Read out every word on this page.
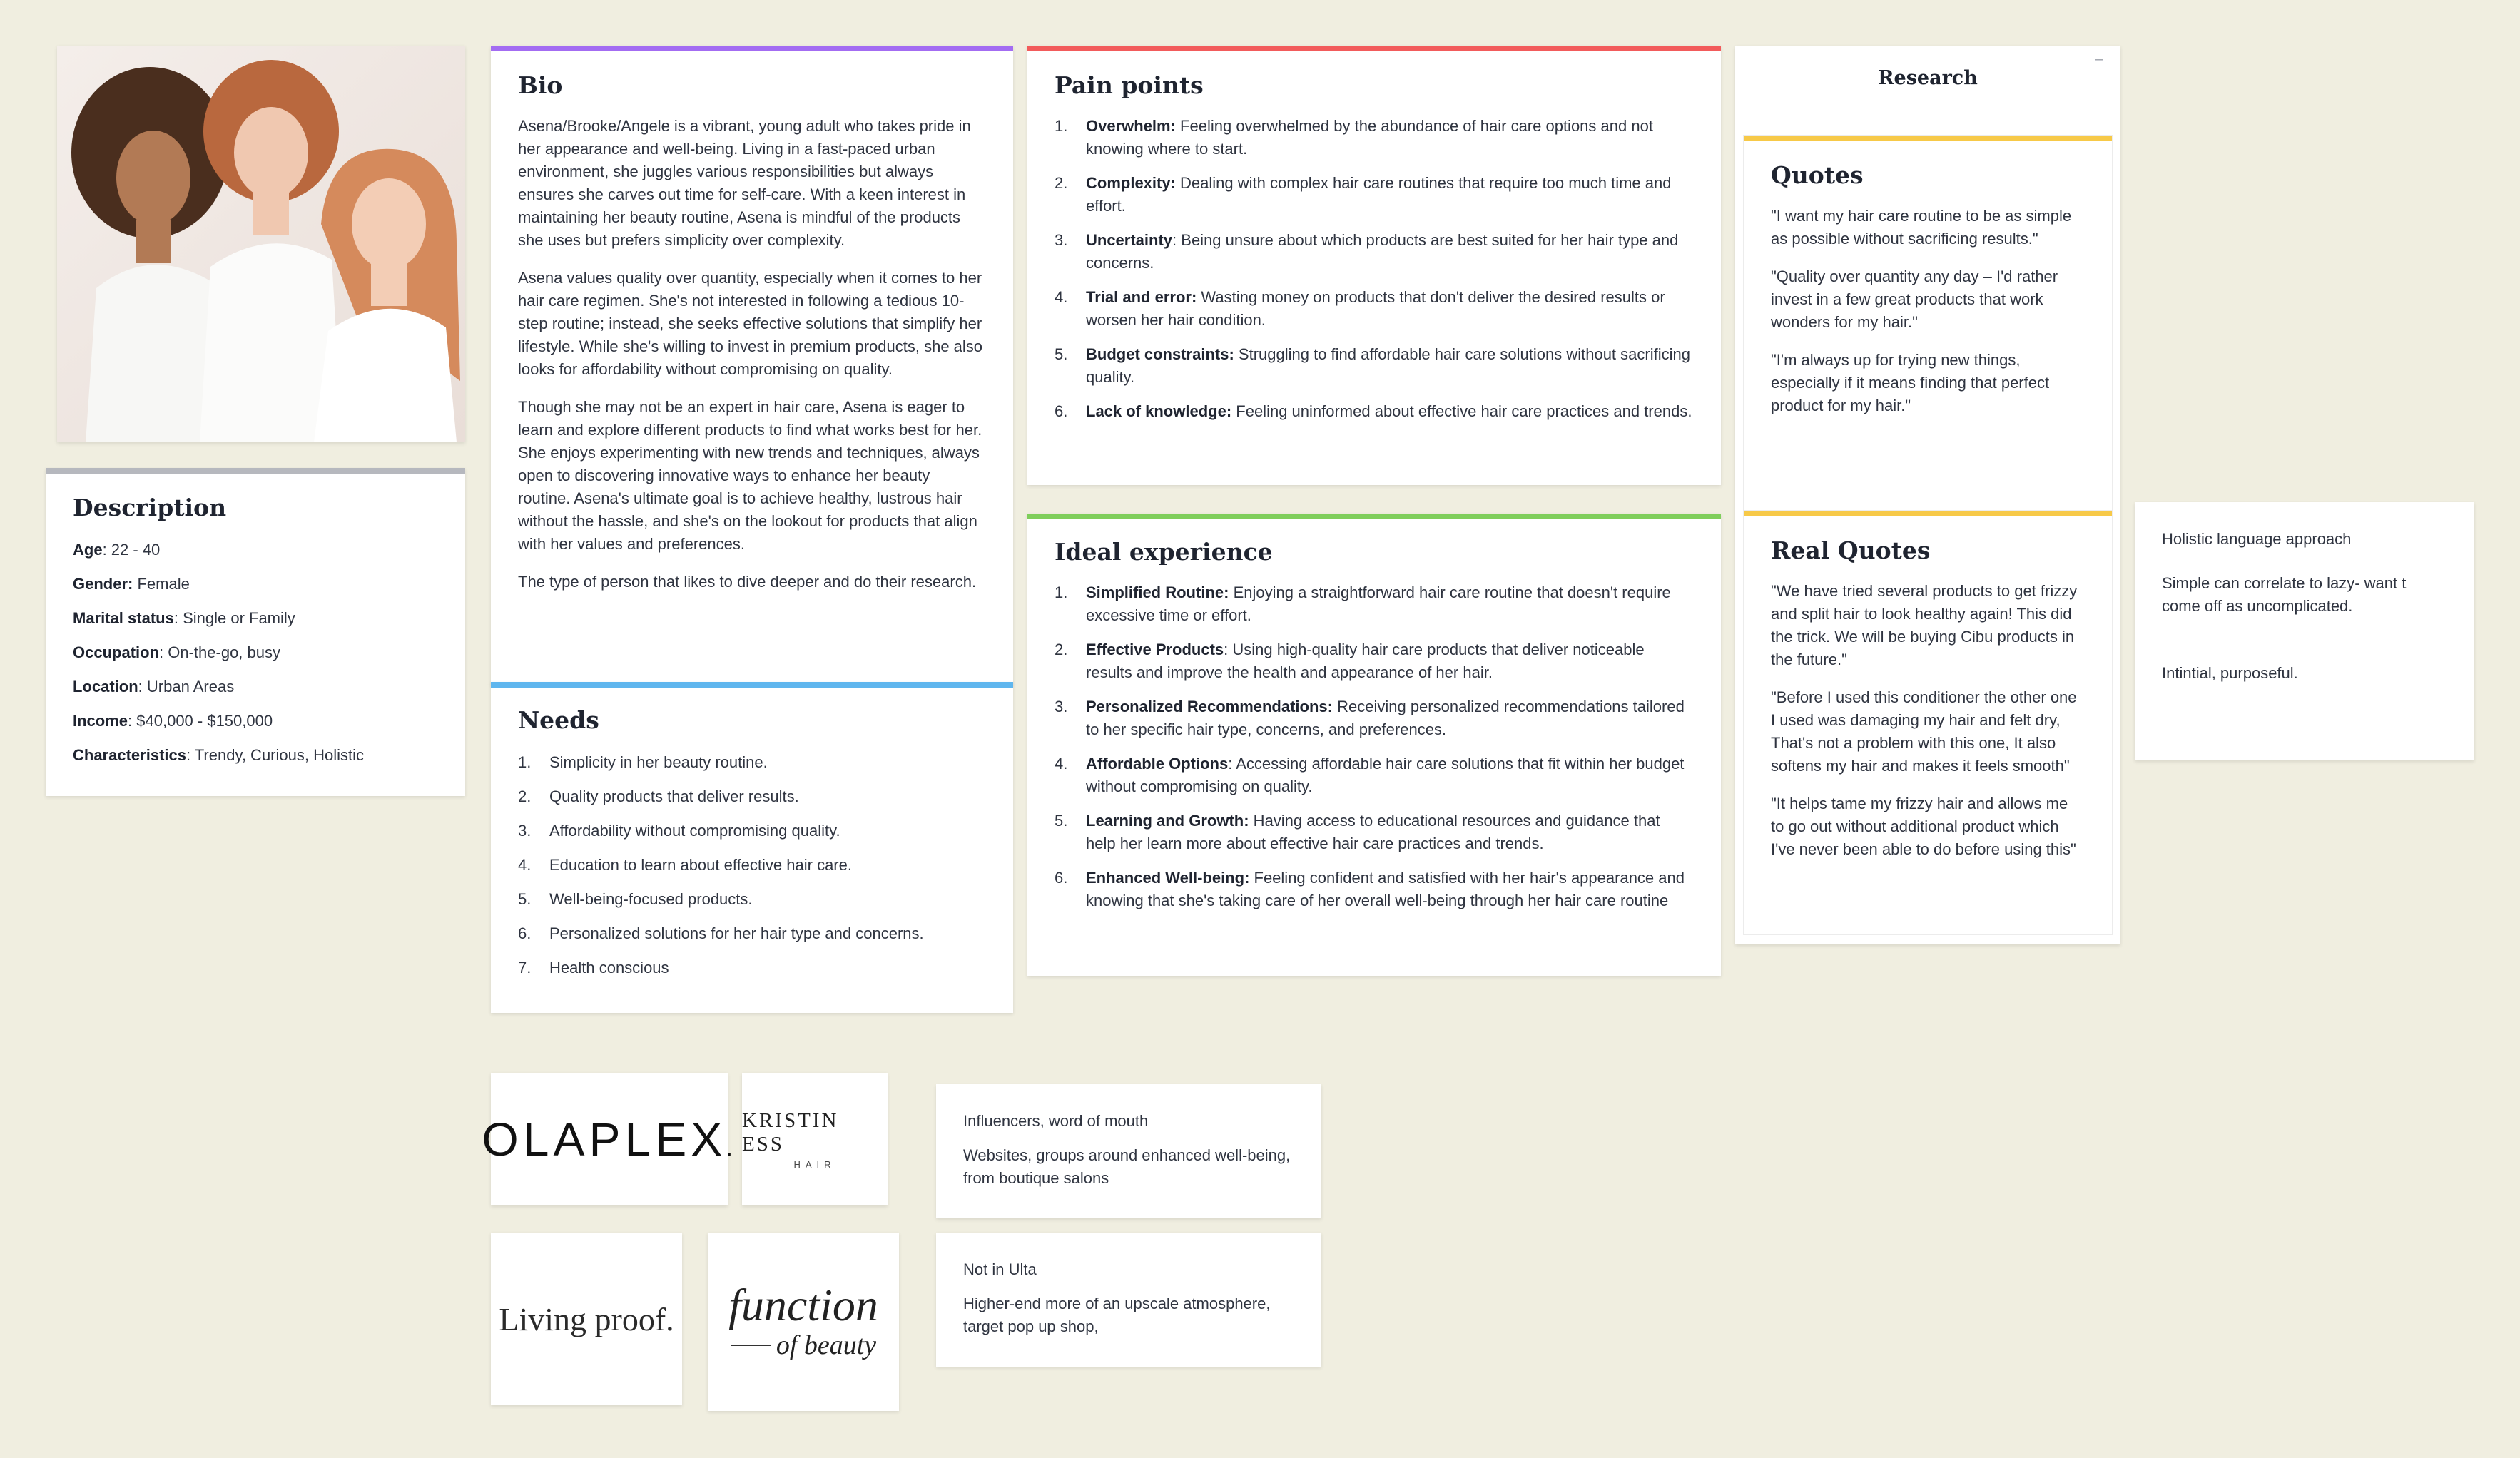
Description
Age: 22 - 40
Gender: Female
Marital status: Single or Family
Occupation: On-the-go, busy
Location: Urban Areas
Income: $40,000 - $150,000
Characteristics: Trendy, Curious, Holistic
Bio

Asena/Brooke/Angele is a vibrant, young adult who takes pride in her appearance and well-being. Living in a fast-paced urban environment, she juggles various responsibilities but always ensures she carves out time for self-care. With a keen interest in maintaining her beauty routine, Asena is mindful of the products she uses but prefers simplicity over complexity.

Asena values quality over quantity, especially when it comes to her hair care regimen. She's not interested in following a tedious 10-step routine; instead, she seeks effective solutions that simplify her lifestyle. While she's willing to invest in premium products, she also looks for affordability without compromising on quality.

Though she may not be an expert in hair care, Asena is eager to learn and explore different products to find what works best for her. She enjoys experimenting with new trends and techniques, always open to discovering innovative ways to enhance her beauty routine. Asena's ultimate goal is to achieve healthy, lustrous hair without the hassle, and she's on the lookout for products that align with her values and preferences.

The type of person that likes to dive deeper and do their research.

Needs
1.	Simplicity in her beauty routine.
2.	Quality products that deliver results.
3.	Affordability without compromising quality.
4.	Education to learn about effective hair care.
5.	Well-being-focused products.
6.	Personalized solutions for her hair type and concerns.
7.	Health conscious
Pain points
1.	Overwhelm: Feeling overwhelmed by the abundance of hair care options and not knowing where to start.
2.	Complexity: Dealing with complex hair care routines that require too much time and effort.
3.	Uncertainty: Being unsure about which products are best suited for her hair type and concerns.
4.	Trial and error: Wasting money on products that don't deliver the desired results or worsen her hair condition.
5.	Budget constraints: Struggling to find affordable hair care solutions without sacrificing quality.
6.	Lack of knowledge: Feeling uninformed about effective hair care practices and trends.
Ideal experience
1.	Simplified Routine: Enjoying a straightforward hair care routine that doesn't require excessive time or effort.
2.	Effective Products: Using high-quality hair care products that deliver noticeable results and improve the health and appearance of her hair.
3.	Personalized Recommendations: Receiving personalized recommendations tailored to her specific hair type, concerns, and preferences.
4.	Affordable Options: Accessing affordable hair care solutions that fit within her budget without compromising on quality.
5.	Learning and Growth: Having access to educational resources and guidance that help her learn more about effective hair care practices and trends.
6.	Enhanced Well-being: Feeling confident and satisfied with her hair's appearance and knowing that she's taking care of her overall well-being through her hair care routine
Research
–
Quotes

"I want my hair care routine to be as simple as possible without sacrificing results."

"Quality over quantity any day – I'd rather invest in a few great products that work wonders for my hair."

"I'm always up for trying new things, especially if it means finding that perfect product for my hair."

Real Quotes

"We have tried several products to get frizzy and split hair to look healthy again! This did the trick. We will be buying Cibu products in the future."

"Before I used this conditioner the other one I used was damaging my hair and felt dry, That's not a problem with this one, It also softens my hair and makes it feels smooth"

"It helps tame my frizzy hair and allows me to go out without additional product which I've never been able to do before using this"

Holistic language approach

Simple can correlate to lazy- want t come off as uncomplicated.

Intintial, purposeful.

OLAPLEX.
KRISTIN ESS
HAIR
Living proof. function
of beauty

Influencers, word of mouth

Websites, groups around enhanced well-being, from boutique salons

Not in Ulta

Higher-end more of an upscale atmosphere, target pop up shop,
